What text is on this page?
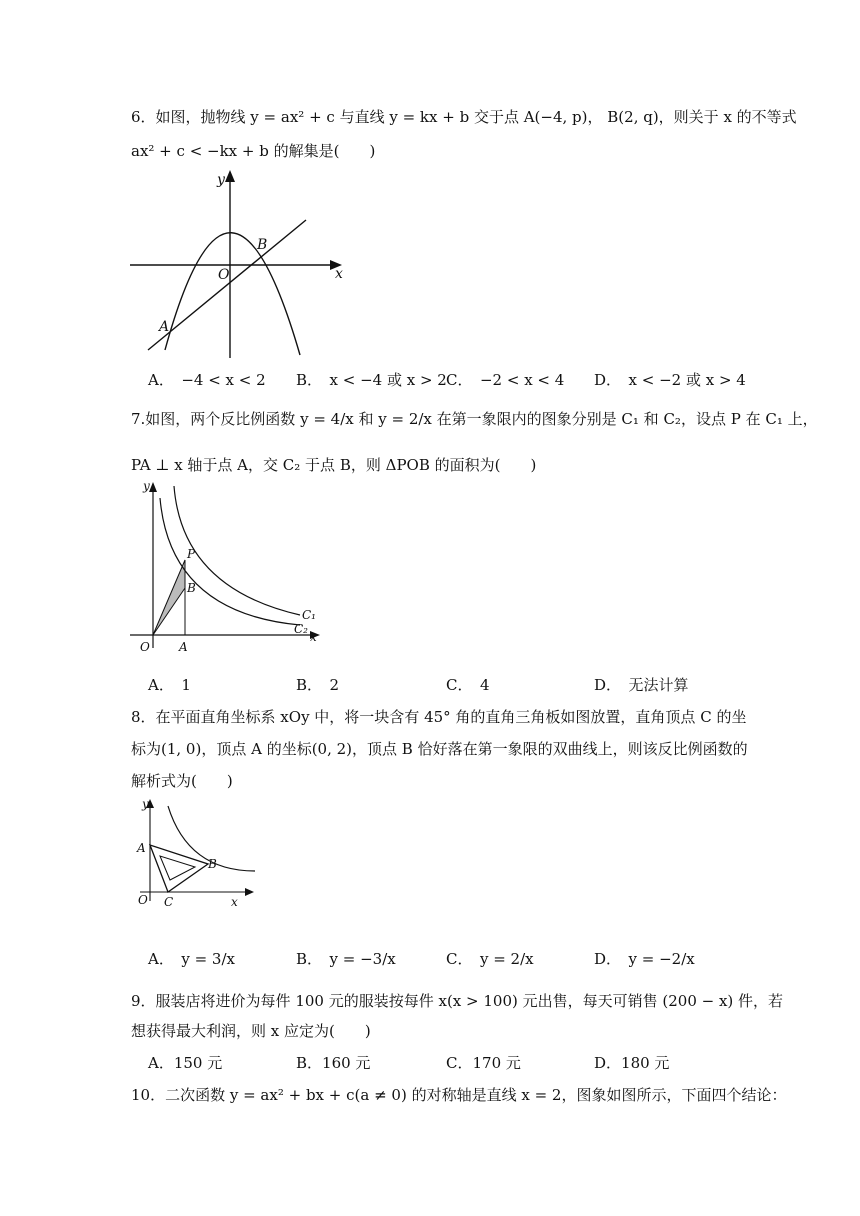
6．如图，抛物线 y = ax² + c 与直线 y = kx + b 交于点 A(−4, p)， B(2, q)，则关于 x 的不等式
ax² + c < −kx + b 的解集是(　　)
y
x
O
A
B
A．　−4 < x < 2 B．　x < −4 或 x > 2 C．　−2 < x < 4 D．　x < −2 或 x > 4
7.如图，两个反比例函数 y = 4/x 和 y = 2/x 在第一象限内的图象分别是 C₁ 和 C₂，设点 P 在 C₁ 上，
PA ⊥ x 轴于点 A，交 C₂ 于点 B，则 ΔPOB 的面积为(　　)
y
x
O A
B
P
C₁
C₂
A．　1	B．　2	C．　4	D．　无法计算
8．在平面直角坐标系 xOy 中，将一块含有 45° 角的直角三角板如图放置，直角顶点 C 的坐
标为(1, 0)，顶点 A 的坐标(0, 2)，顶点 B 恰好落在第一象限的双曲线上，则该反比例函数的
解析式为(　　)
y
x
O
A
B
C
A．　y = 3/x	B．　y = −3/x	C．　y = 2/x	D．　y = −2/x
9．服装店将进价为每件 100 元的服装按每件 x(x > 100) 元出售，每天可销售 (200 − x) 件，若
想获得最大利润，则 x 应定为(　　)
A．150 元	B．160 元	C．170 元	D．180 元
10．二次函数 y = ax² + bx + c(a ≠ 0) 的对称轴是直线 x = 2，图象如图所示，下面四个结论：
